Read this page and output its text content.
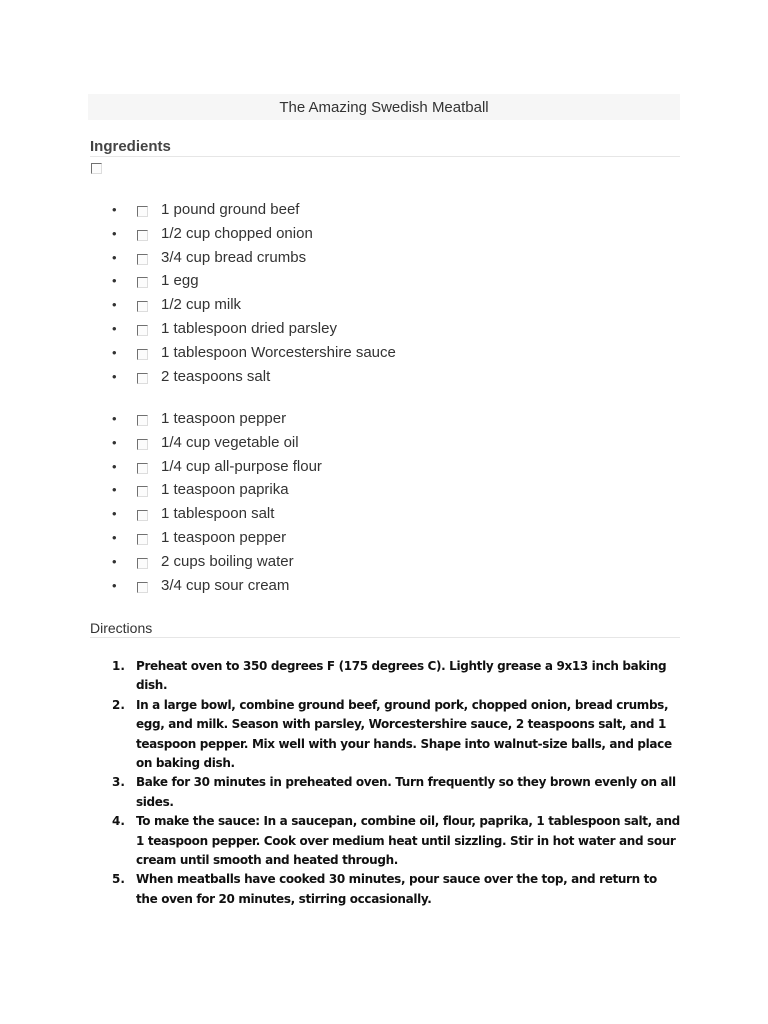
The Amazing Swedish Meatball
Ingredients
•	1 pound ground beef
•	1/2 cup chopped onion
•	3/4 cup bread crumbs
•	1 egg
•	1/2 cup milk
•	1 tablespoon dried parsley
•	1 tablespoon Worcestershire sauce
•	2 teaspoons salt
•	1 teaspoon pepper
•	1/4 cup vegetable oil
•	1/4 cup all-purpose flour
•	1 teaspoon paprika
•	1 tablespoon salt
•	1 teaspoon pepper
•	2 cups boiling water
•	3/4 cup sour cream
Directions
1. Preheat oven to 350 degrees F (175 degrees C). Lightly grease a 9x13 inch baking dish.
2. In a large bowl, combine ground beef, ground pork, chopped onion, bread crumbs, egg, and milk. Season with parsley, Worcestershire sauce, 2 teaspoons salt, and 1 teaspoon pepper. Mix well with your hands. Shape into walnut-size balls, and place on baking dish.
3. Bake for 30 minutes in preheated oven. Turn frequently so they brown evenly on all sides.
4. To make the sauce: In a saucepan, combine oil, flour, paprika, 1 tablespoon salt, and 1 teaspoon pepper. Cook over medium heat until sizzling. Stir in hot water and sour cream until smooth and heated through.
5. When meatballs have cooked 30 minutes, pour sauce over the top, and return to the oven for 20 minutes, stirring occasionally.
